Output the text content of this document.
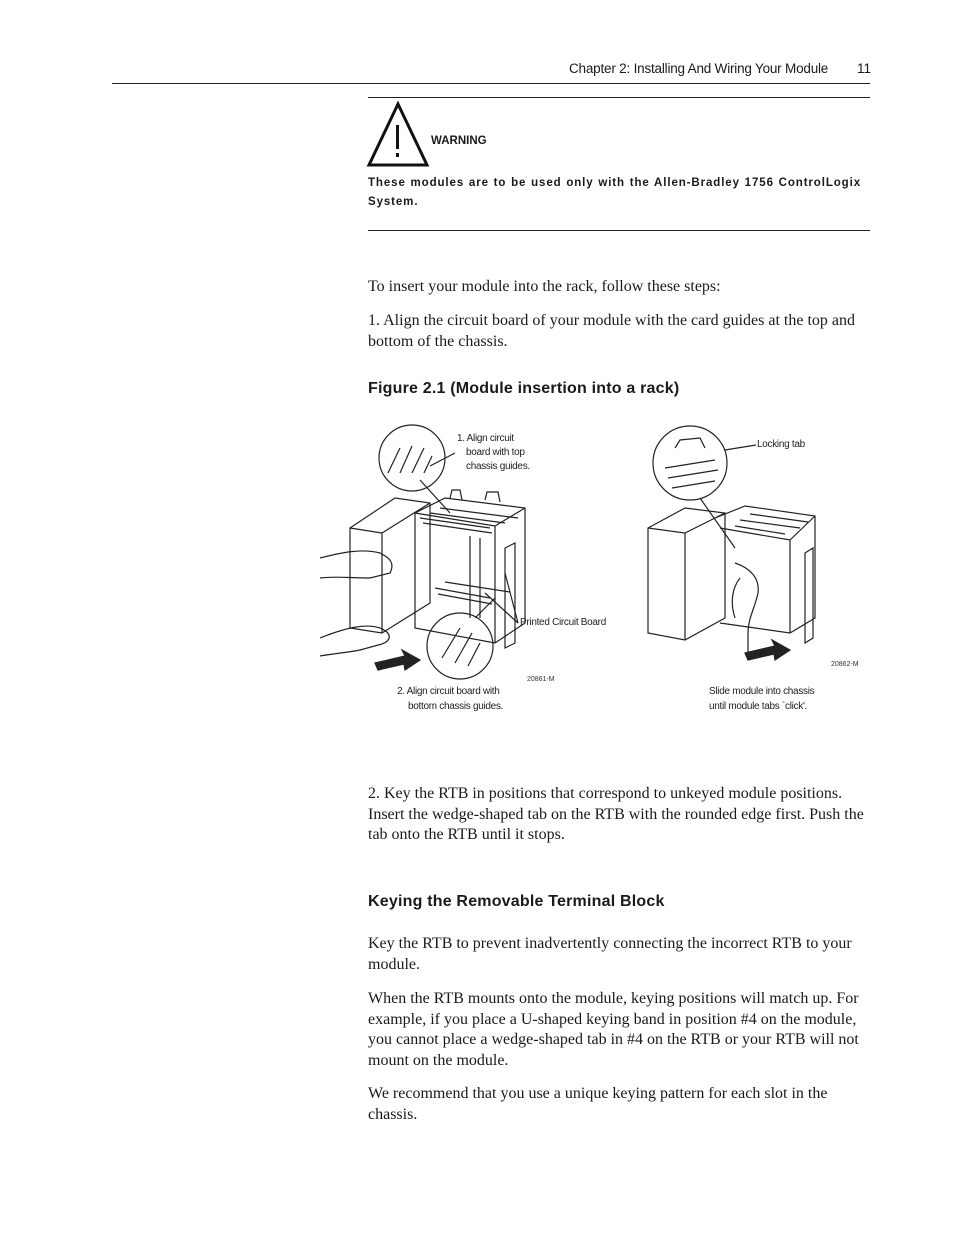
Chapter 2: Installing And Wiring Your Module 11
WARNING
These modules are to be used only with the Allen-Bradley 1756 ControlLogix System.
To insert your module into the rack, follow these steps:
1. Align the circuit board of your module with the card guides at the top and bottom of the chassis.
Figure 2.1 (Module insertion into a rack)
1. Align circuit
board with top
chassis guides.
Printed Circuit Board
20861-M
2. Align circuit board with
bottom chassis guides.
Locking tab
20862-M
Slide module into chassis
until module tabs `click'.
2. Key the RTB in positions that correspond to unkeyed module positions. Insert the wedge-shaped tab on the RTB with the rounded edge first. Push the tab onto the RTB until it stops.
Keying the Removable Terminal Block
Key the RTB to prevent inadvertently connecting the incorrect RTB to your module.
When the RTB mounts onto the module, keying positions will match up. For example, if you place a U-shaped keying band in position #4 on the module, you cannot place a wedge-shaped tab in #4 on the RTB or your RTB will not mount on the module.
We recommend that you use a unique keying pattern for each slot in the chassis.
